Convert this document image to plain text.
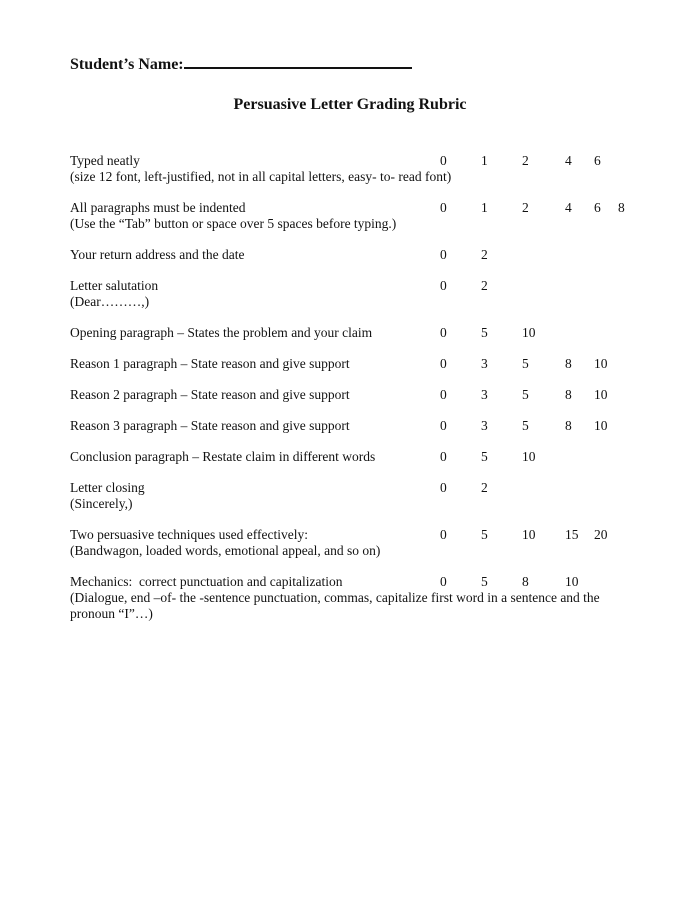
Student’s Name:
Persuasive Letter Grading Rubric
Typed neatly	0	1	2	4 6
(size 12 font, left-justified, not in all capital letters, easy- to- read font)
All paragraphs must be indented	0	1	2	4 6 8
(Use the “Tab” button or space over 5 spaces before typing.)
Your return address and the date	0	2
Letter salutation	0	2
(Dear………,)
Opening paragraph – States the problem and your claim	0	5	10
Reason 1 paragraph – State reason and give support	0	3	5	8 10
Reason 2 paragraph – State reason and give support	0	3	5	8 10
Reason 3 paragraph – State reason and give support	0	3	5	8 10
Conclusion paragraph – Restate claim in different words	0	5	10
Letter closing	0	2
(Sincerely,)
Two persuasive techniques used effectively:	0	5	10 15 20
(Bandwagon, loaded words, emotional appeal, and so on)
Mechanics:  correct punctuation and capitalization	0	5	8	10
(Dialogue, end –of- the -sentence punctuation, commas, capitalize first word in a sentence and the pronoun “I”…)
